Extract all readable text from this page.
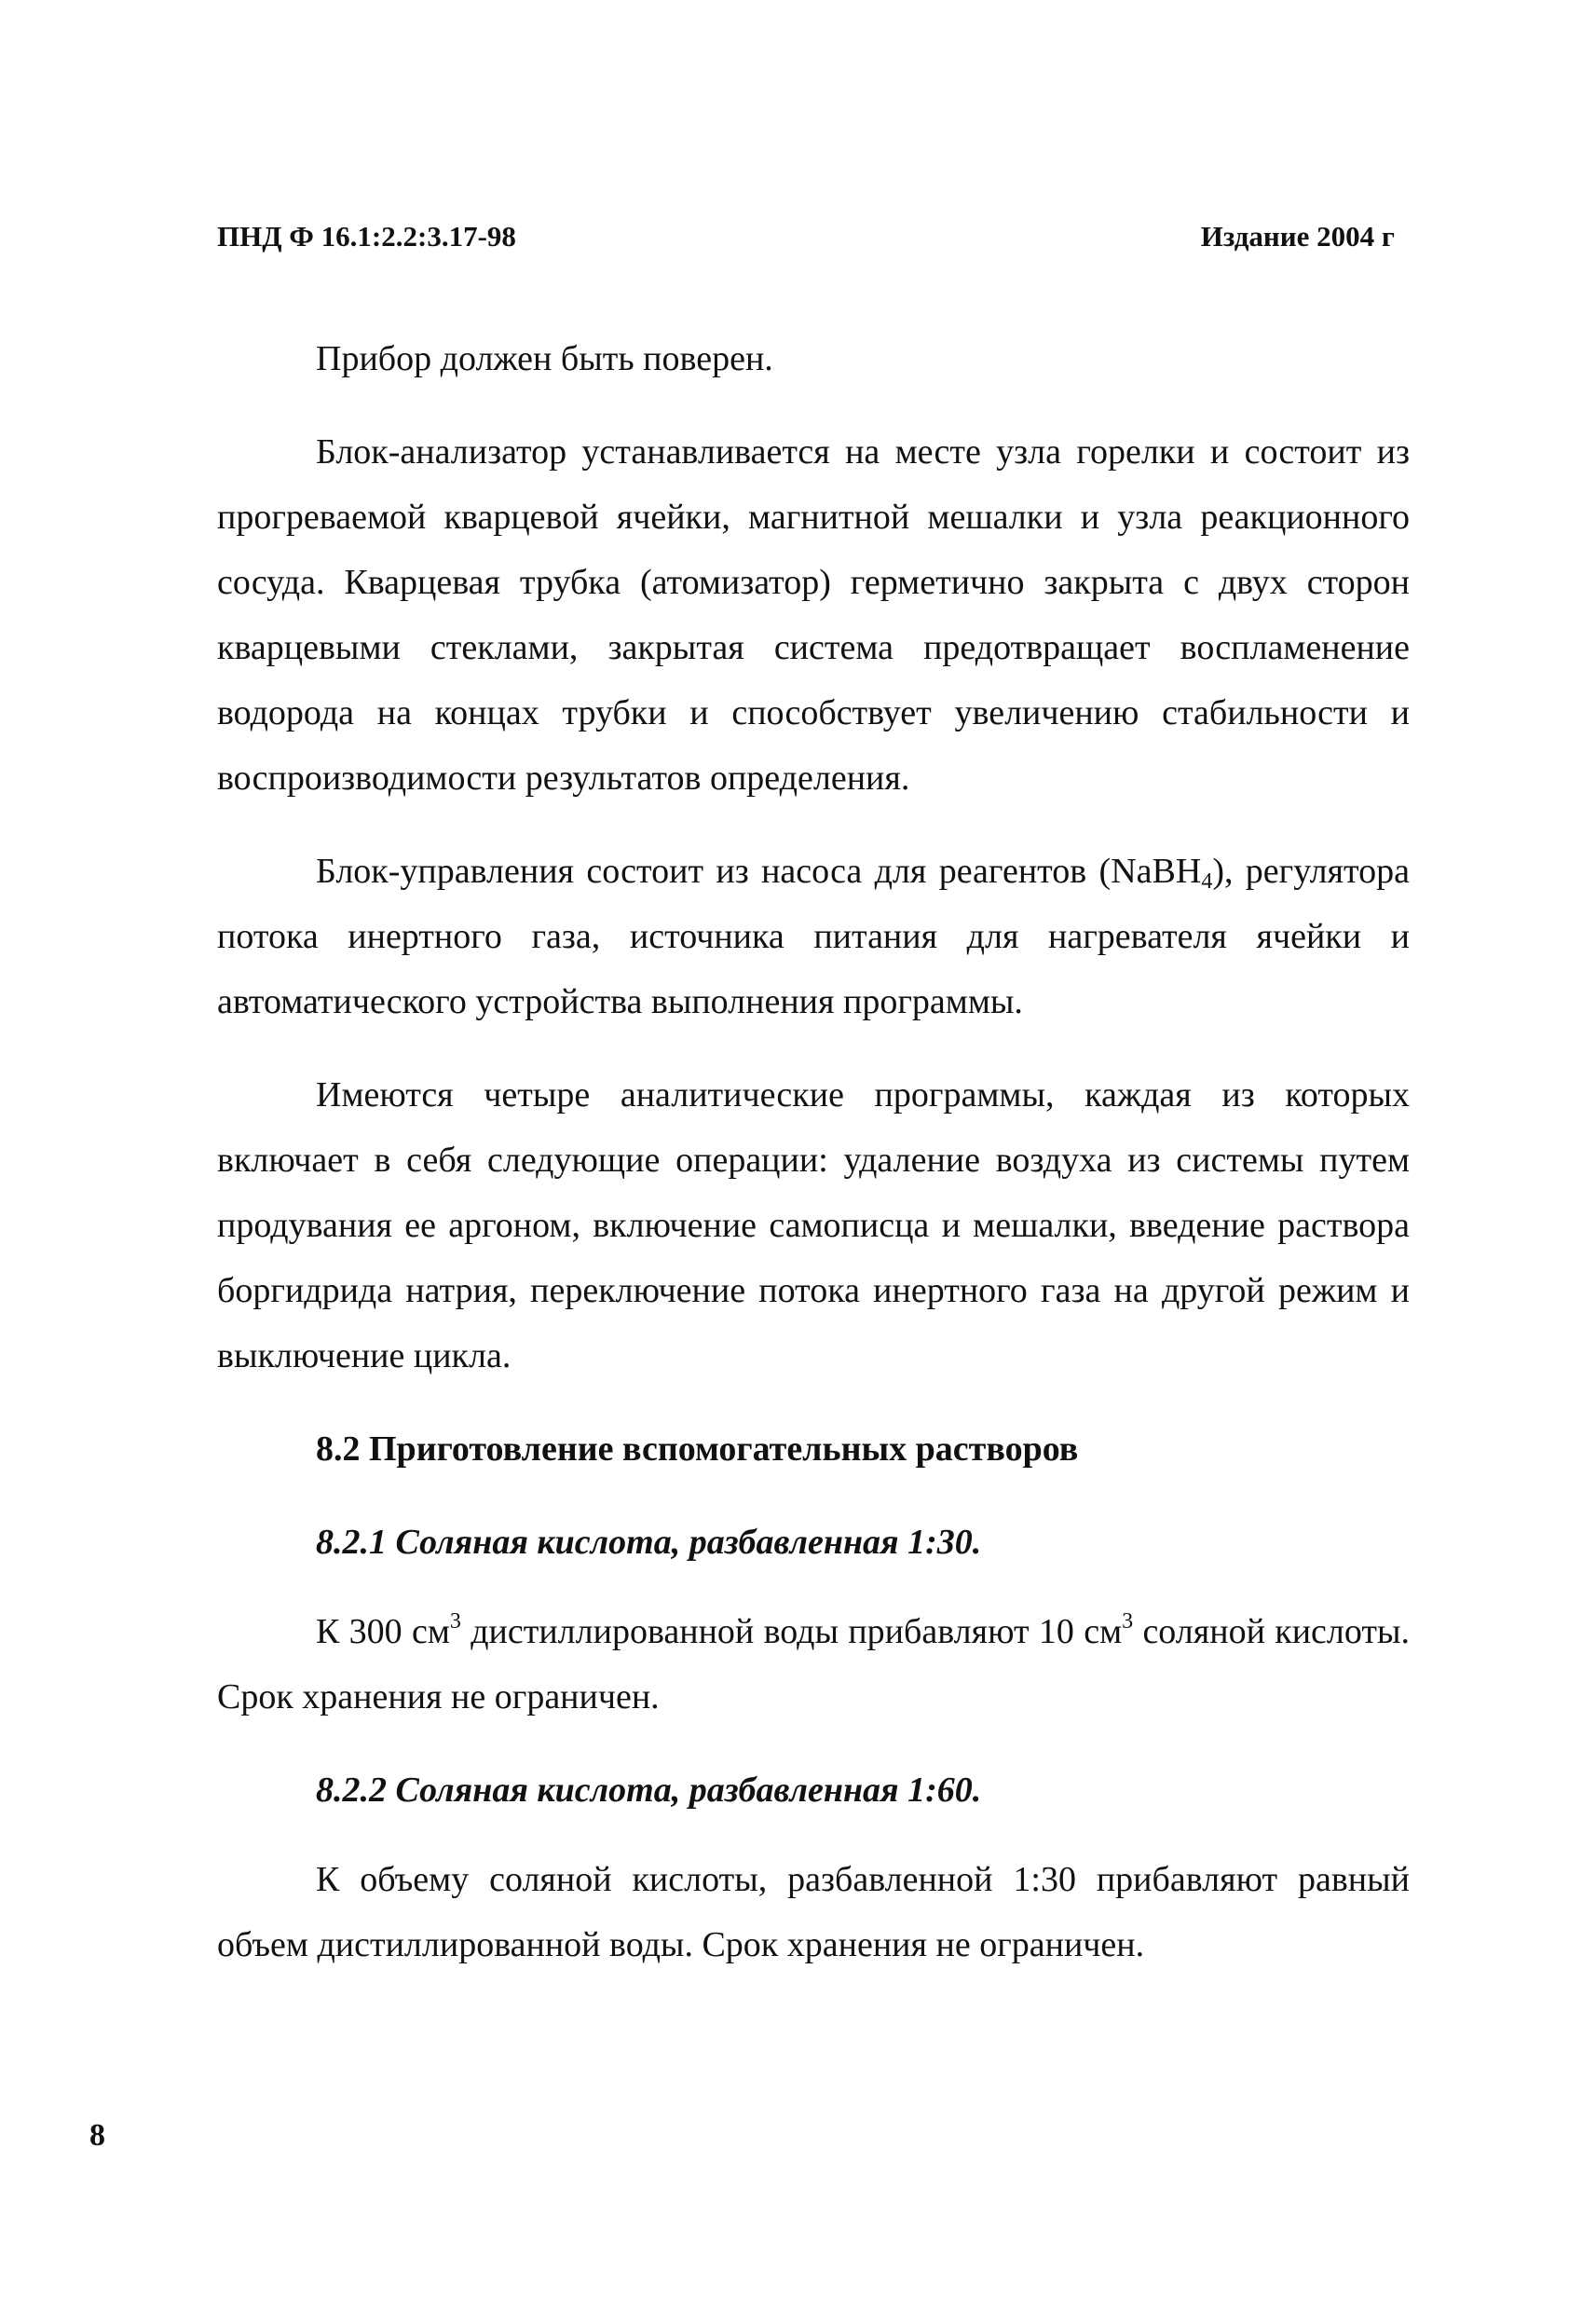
ПНД Ф 16.1:2.2:3.17-98	Издание 2004 г

Прибор должен быть поверен.

Блок-анализатор устанавливается на месте узла горелки и состоит из прогреваемой кварцевой ячейки, магнитной мешалки и узла реакционного сосуда. Кварцевая трубка (атомизатор) герметично закрыта с двух сторон кварцевыми стеклами, закрытая система предотвращает воспламенение водорода на концах трубки и способствует увеличению стабильности и воспроизводимости результатов определения.

Блок-управления состоит из насоса для реагентов (NaBH$_4$), регулятора потока инертного газа, источника питания для нагревателя ячейки и автоматического устройства выполнения программы.

Имеются четыре аналитические программы, каждая из которых включает в себя следующие операции: удаление воздуха из системы путем продувания ее аргоном, включение самописца и мешалки, введение раствора боргидрида натрия, переключение потока инертного газа на другой режим и выключение цикла.

8.2 Приготовление вспомогательных растворов
8.2.1 Соляная кислота, разбавленная 1:30.

К 300 $см^3$ дистиллированной воды прибавляют 10 $см^3$ соляной кислоты. Срок хранения не ограничен.

8.2.2 Соляная кислота, разбавленная 1:60.

К объему соляной кислоты, разбавленной 1:30 прибавляют равный объем дистиллированной воды. Срок хранения не ограничен.

8
